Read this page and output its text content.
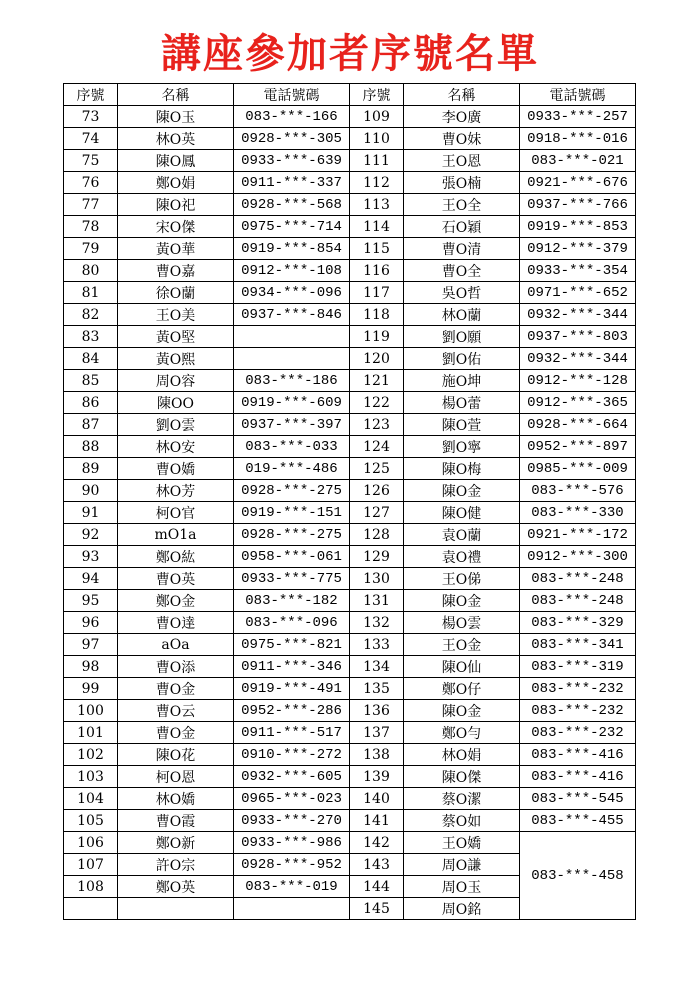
講座參加者序號名單
序號	名稱	電話號碼	序號	名稱	電話號碼
73	陳O玉	083-***-166	109	李O廣	0933-***-257
74	林O英	0928-***-305	110	曹O妹	0918-***-016
75	陳O鳳	0933-***-639	111	王O恩	083-***-021
76	鄭O娟	0911-***-337	112	張O楠	0921-***-676
77	陳O祀	0928-***-568	113	王O全	0937-***-766
78	宋O傑	0975-***-714	114	石O穎	0919-***-853
79	黃O華	0919-***-854	115	曹O清	0912-***-379
80	曹O嘉	0912-***-108	116	曹O全	0933-***-354
81	徐O蘭	0934-***-096	117	吳O哲	0971-***-652
82	王O美	0937-***-846	118	林O蘭	0932-***-344
83	黃O堅		119	劉O願	0937-***-803
84	黃O熙		120	劉O佑	0932-***-344
85	周O容	083-***-186	121	施O坤	0912-***-128
86	陳OO	0919-***-609	122	楊O蕾	0912-***-365
87	劉O雲	0937-***-397	123	陳O萱	0928-***-664
88	林O安	083-***-033	124	劉O寧	0952-***-897
89	曹O嬌	019-***-486	125	陳O梅	0985-***-009
90	林O芳	0928-***-275	126	陳O金	083-***-576
91	柯O官	0919-***-151	127	陳O健	083-***-330
92	mO1a	0928-***-275	128	袁O蘭	0921-***-172
93	鄭O紘	0958-***-061	129	袁O禮	0912-***-300
94	曹O英	0933-***-775	130	王O俤	083-***-248
95	鄭O金	083-***-182	131	陳O金	083-***-248
96	曹O達	083-***-096	132	楊O雲	083-***-329
97	aOa	0975-***-821	133	王O金	083-***-341
98	曹O添	0911-***-346	134	陳O仙	083-***-319
99	曹O金	0919-***-491	135	鄭O仔	083-***-232
100	曹O云	0952-***-286	136	陳O金	083-***-232
101	曹O金	0911-***-517	137	鄭O勻	083-***-232
102	陳O花	0910-***-272	138	林O娟	083-***-416
103	柯O恩	0932-***-605	139	陳O傑	083-***-416
104	林O嬌	0965-***-023	140	蔡O潔	083-***-545
105	曹O霞	0933-***-270	141	蔡O如	083-***-455
106	鄭O新	0933-***-986	142	王O嬌	083-***-458
107	許O宗	0928-***-952	143	周O謙	
108	鄭O英	083-***-019	144	周O玉	
			145	周O銘	
